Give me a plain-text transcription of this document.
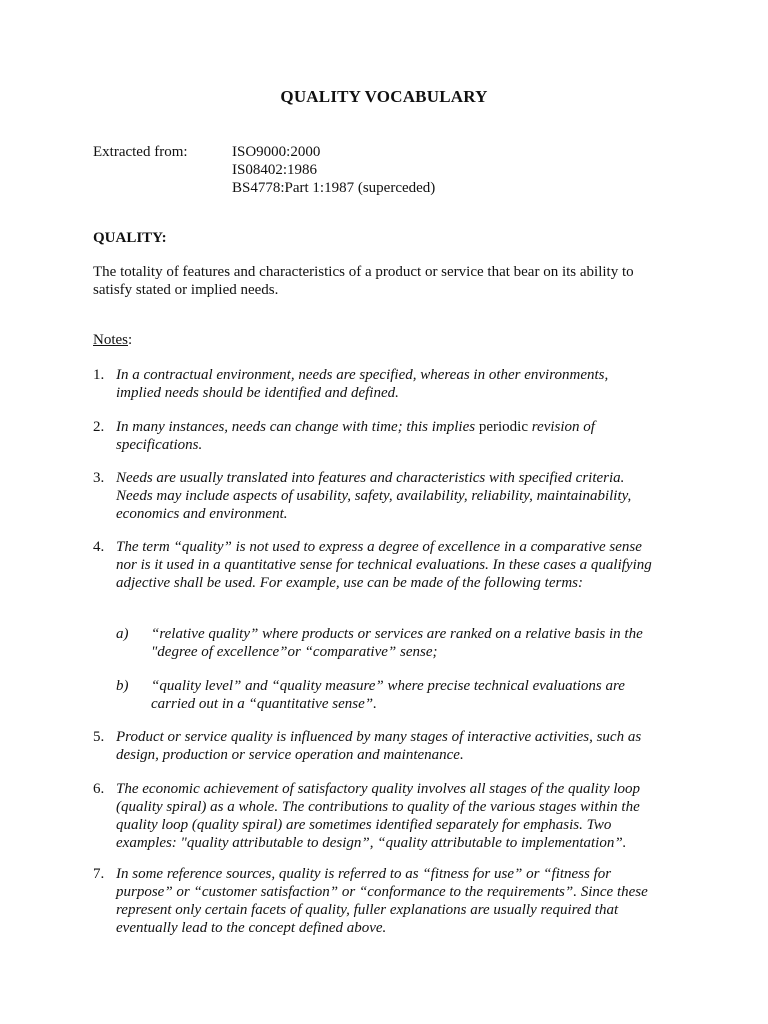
QUALITY VOCABULARY
Extracted from:	ISO9000:2000
IS08402:1986
BS4778:Part 1:1987 (superceded)
QUALITY:
The totality of features and characteristics of a product or service that bear on its ability to
satisfy stated or implied needs.
Notes:
1. In a contractual environment, needs are specified, whereas in other environments,
implied needs should be identified and defined.
2. In many instances, needs can change with time; this implies periodic revision of
specifications.
3. Needs are usually translated into features and characteristics with specified criteria.
Needs may include aspects of usability, safety, availability, reliability, maintainability,
economics and environment.
4. The term “quality” is not used to express a degree of excellence in a comparative sense
nor is it used in a quantitative sense for technical evaluations. In these cases a qualifying
adjective shall be used. For example, use can be made of the following terms:
a) “relative quality” where products or services are ranked on a relative basis in the
"degree of excellence”or “comparative” sense;
b) “quality level” and “quality measure” where precise technical evaluations are
carried out in a “quantitative sense”.
5. Product or service quality is influenced by many stages of interactive activities, such as
design, production or service operation and maintenance.
6. The economic achievement of satisfactory quality involves all stages of the quality loop
(quality spiral) as a whole. The contributions to quality of the various stages within the
quality loop (quality spiral) are sometimes identified separately for emphasis. Two
examples: "quality attributable to design”, “quality attributable to implementation”.
7. In some reference sources, quality is referred to as “fitness for use” or “fitness for
purpose” or “customer satisfaction” or “conformance to the requirements”. Since these
represent only certain facets of quality, fuller explanations are usually required that
eventually lead to the concept defined above.
